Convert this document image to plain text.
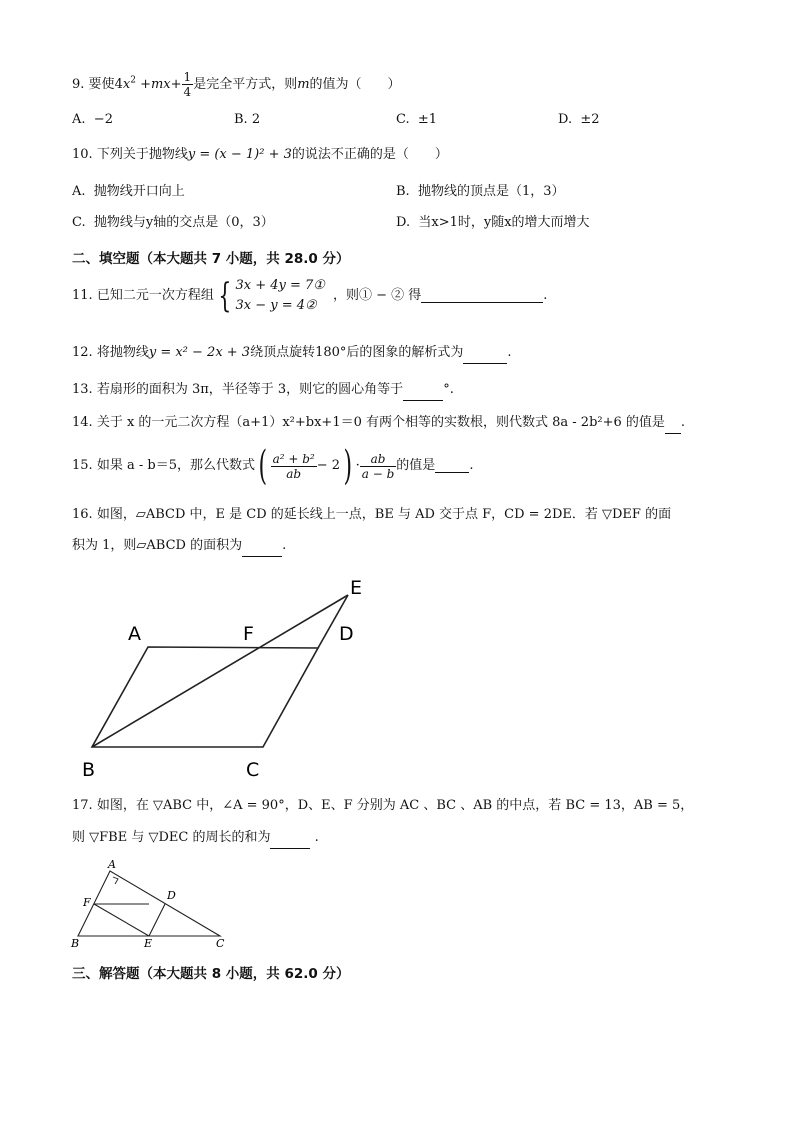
9. 要使$4x^2 +mx+ \frac{1}{4}$ 是完全平方式，则m的值为（　　）
A. −2	B. 2	C. ±1	D. ±2
10. 下列关于抛物线y = (x − 1)² + 3的说法不正确的是（　　）
A. 抛物线开口向上	B. 抛物线的顶点是（1，3）
C. 抛物线与y轴的交点是（0，3）	D. 当x>1时，y随x的增大而增大
二、填空题（本大题共 7 小题，共 28.0 分）
11. 已知二元一次方程组 { 3x + 4y = 7①
3x − y = 4②
，则① − ② 得	.
12. 将抛物线y = x² − 2x + 3绕顶点旋转180°后的图象的解析式为	.
13. 若扇形的面积为 3π，半径等于 3，则它的圆心角等于	°.
14. 关于 x 的一元二次方程（a+1）x²+bx+1＝0 有两个相等的实数根，则代数式 8a - 2b²+6 的值是 .
15. 如果 a - b＝5，那么代数式( $\frac{\text{a² + b²}}{ab} - 2) \cdot \frac{ab}{a - b}$ 的值是	.
16. 如图，▱ABCD 中，E 是 CD 的延长线上一点，BE 与 AD 交于点 F，CD = 2DE．若 ▽DEF 的面
积为 1，则▱ABCD 的面积为	.
A	F	D
E
B	C
17. 如图，在 ▽ABC 中，∠A = 90°，D、E、F 分别为 AC 、BC 、AB 的中点，若 BC = 13，AB = 5，
则 ▽FBE 与 ▽DEC 的周长的和为	.
A
F
D
B	E	C
三、解答题（本大题共 8 小题，共 62.0 分）
